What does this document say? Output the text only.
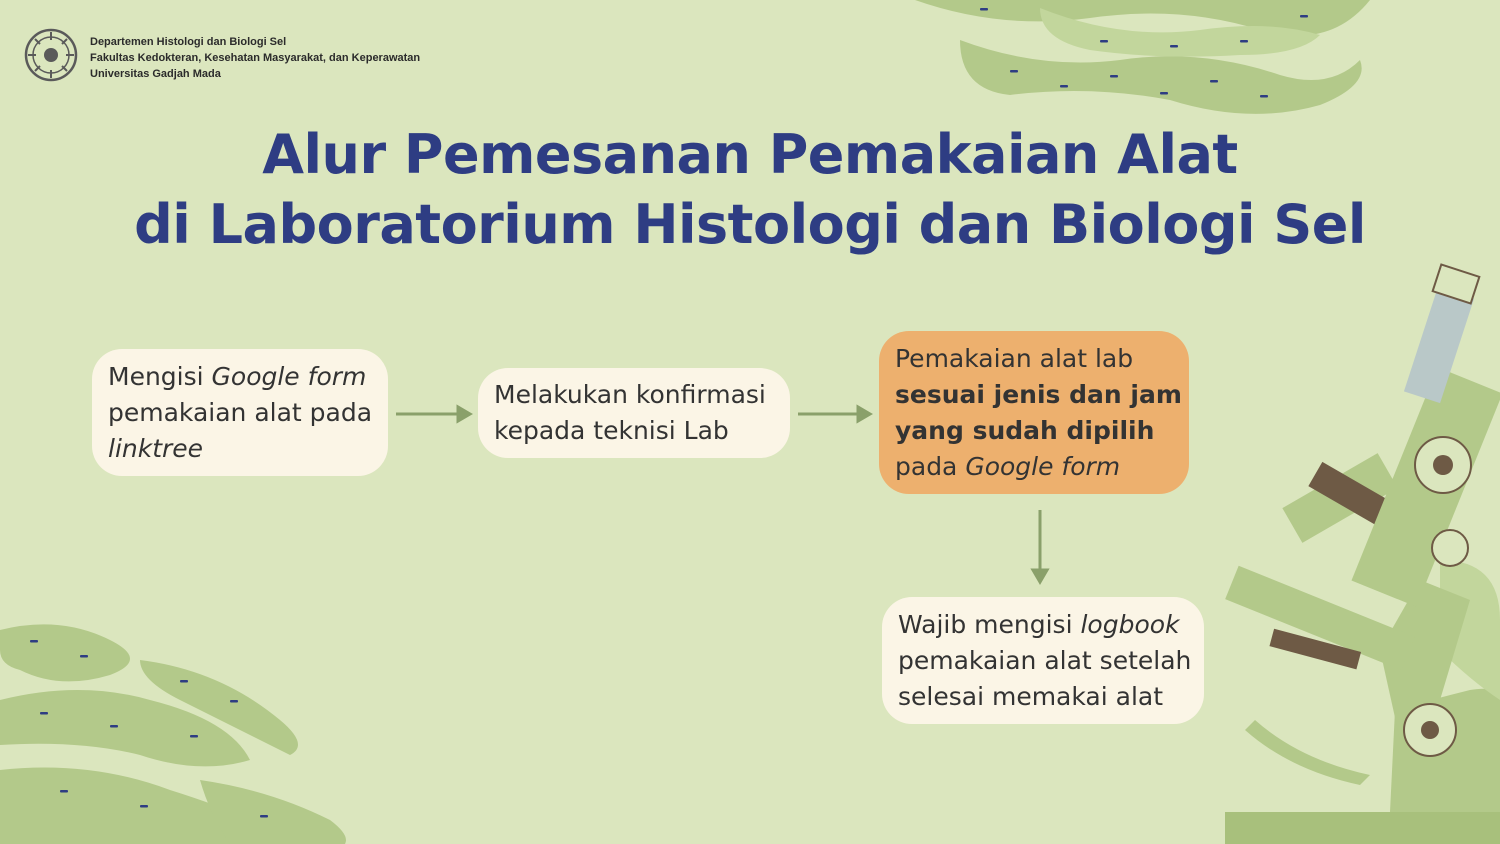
Departemen Histologi dan Biologi Sel
Fakultas Kedokteran, Kesehatan Masyarakat, dan Keperawatan
Universitas Gadjah Mada
Alur Pemesanan Pemakaian Alat
di Laboratorium Histologi dan Biologi Sel
Mengisi Google form
pemakaian alat pada
linktree
Melakukan konfirmasi
kepada teknisi Lab
Pemakaian alat lab
sesuai jenis dan jam
yang sudah dipilih
pada Google form
Wajib mengisi logbook
pemakaian alat setelah
selesai memakai alat
